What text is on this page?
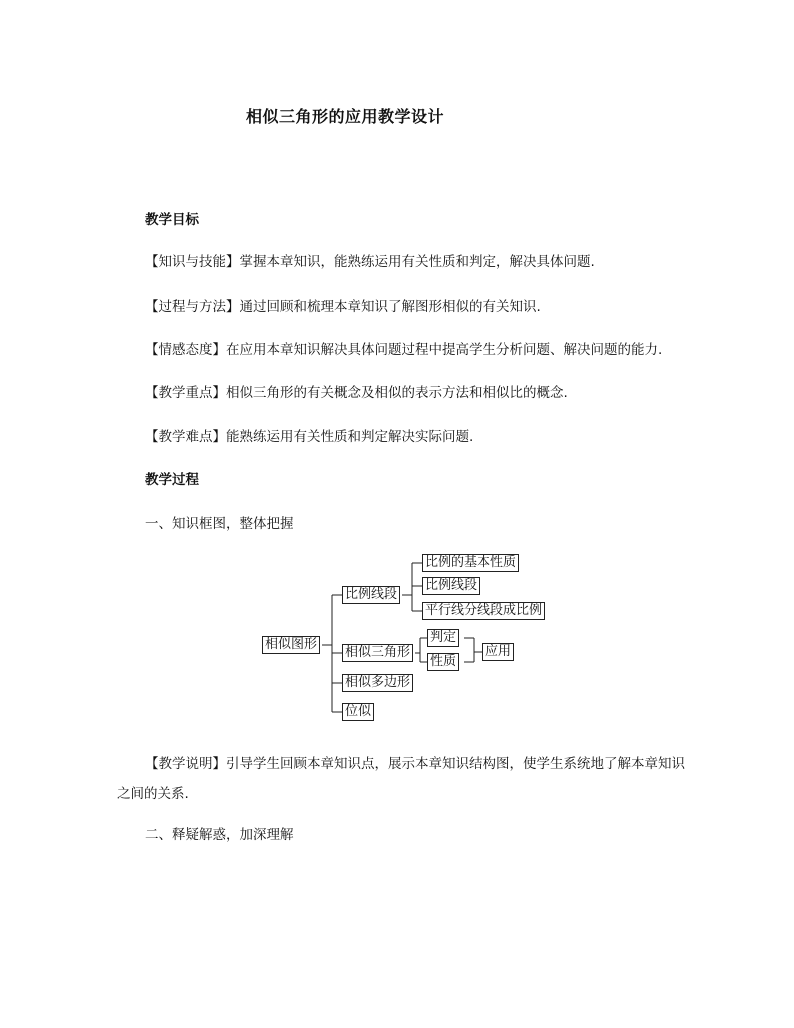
相似三角形的应用教学设计
教学目标
【知识与技能】掌握本章知识，能熟练运用有关性质和判定，解决具体问题.
【过程与方法】通过回顾和梳理本章知识了解图形相似的有关知识.
【情感态度】在应用本章知识解决具体问题过程中提高学生分析问题、解决问题的能力.
【教学重点】相似三角形的有关概念及相似的表示方法和相似比的概念.
【教学难点】能熟练运用有关性质和判定解决实际问题.
教学过程
一、知识框图，整体把握
相似图形
比例线段
比例的基本性质
比例线段
平行线分线段成比例
相似三角形
判定
性质
应用
相似多边形
位似
【教学说明】引导学生回顾本章知识点，展示本章知识结构图，使学生系统地了解本章知识之间的关系.
二、释疑解惑，加深理解
